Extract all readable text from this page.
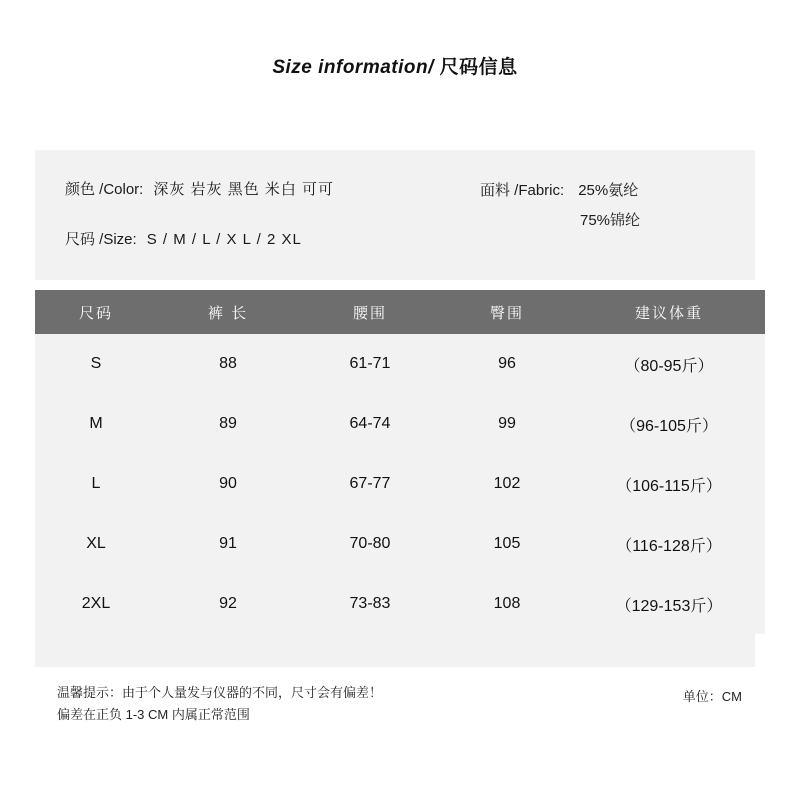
Size information/ 尺码信息
颜色 /Color: 深灰 岩灰 黑色 米白 可可
尺码 /Size: S / M / L / X L / 2 XL
面料 /Fabric: 25%氨纶
75%锦纶
尺码	裤 长	腰围	臀围	建议体重
S	88	61-71	96	（80-95斤）
M	89	64-74	99	（96-105斤）
L	90	67-77	102	（106-115斤）
XL	91	70-80	105	（116-128斤）
2XL	92	73-83	108	（129-153斤）
温馨提示：由于个人量发与仪器的不同，尺寸会有偏差！
偏差在正负 1-3 CM 内属正常范围
单位：CM
